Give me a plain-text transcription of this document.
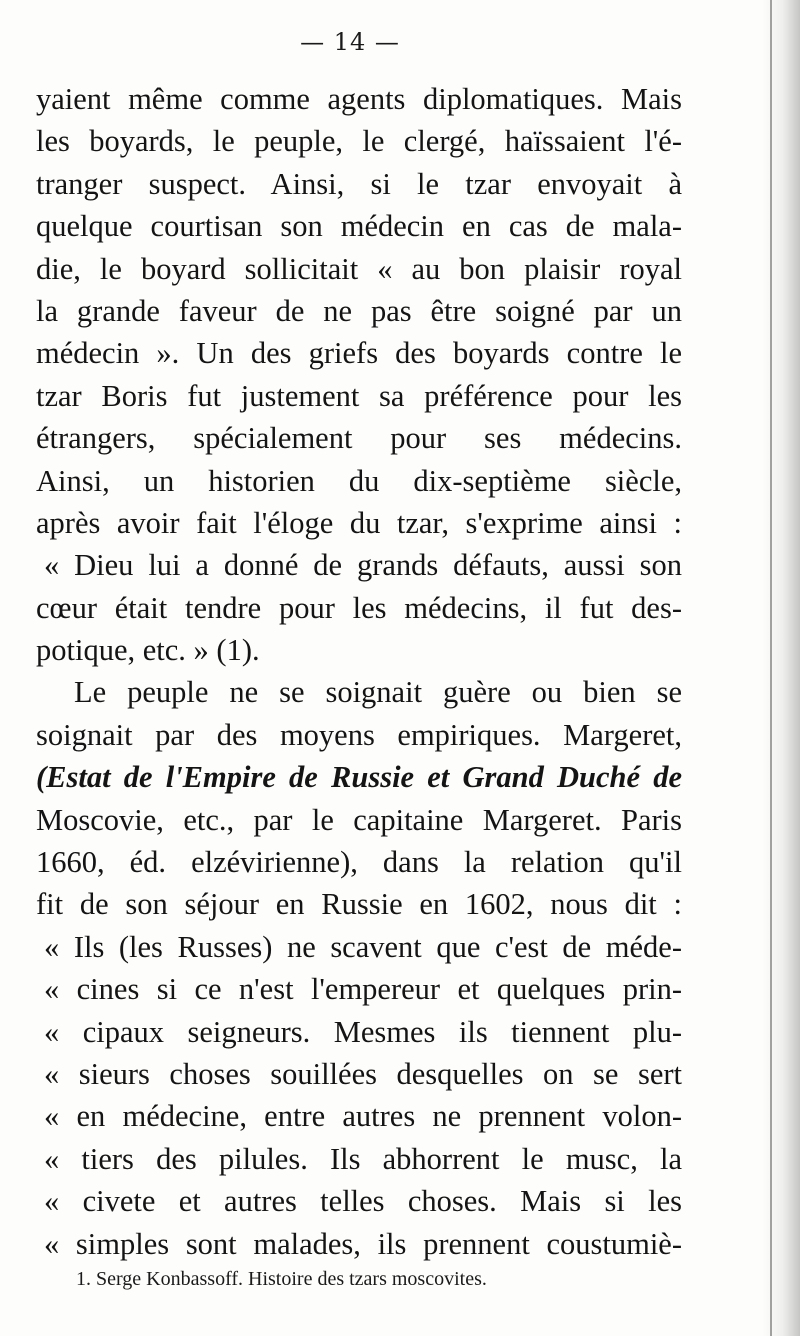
— 14 —
yaient même comme agents diplomatiques. Mais
les boyards, le peuple, le clergé, haïssaient l'é-
tranger suspect. Ainsi, si le tzar envoyait à
quelque courtisan son médecin en cas de mala-
die, le boyard sollicitait « au bon plaisir royal
la grande faveur de ne pas être soigné par un
médecin ». Un des griefs des boyards contre le
tzar Boris fut justement sa préférence pour les
étrangers, spécialement pour ses médecins.
Ainsi, un historien du dix-septième siècle,
après avoir fait l'éloge du tzar, s'exprime ainsi :
« Dieu lui a donné de grands défauts, aussi son
cœur était tendre pour les médecins, il fut des-
potique, etc. » (1).
Le peuple ne se soignait guère ou bien se
soignait par des moyens empiriques. Margeret,
(Estat de l'Empire de Russie et Grand Duché de
Moscovie, etc., par le capitaine Margeret. Paris
1660, éd. elzévirienne), dans la relation qu'il
fit de son séjour en Russie en 1602, nous dit :
« Ils (les Russes) ne scavent que c'est de méde-
« cines si ce n'est l'empereur et quelques prin-
« cipaux seigneurs. Mesmes ils tiennent plu-
« sieurs choses souillées desquelles on se sert
« en médecine, entre autres ne prennent volon-
« tiers des pilules. Ils abhorrent le musc, la
« civete et autres telles choses. Mais si les
« simples sont malades, ils prennent coustumiè-
1. Serge Konbassoff. Histoire des tzars moscovites.
